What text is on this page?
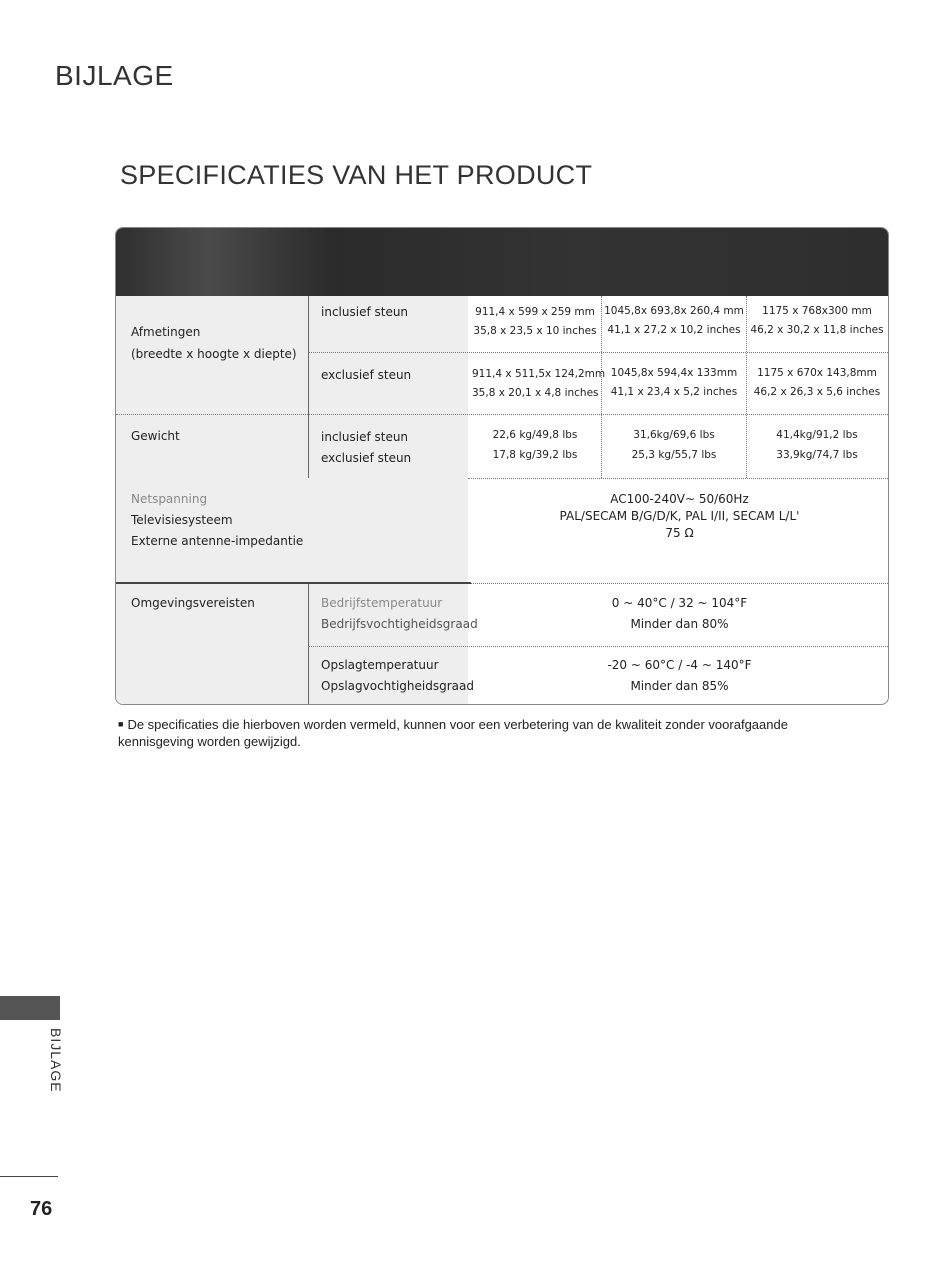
BIJLAGE
SPECIFICATIES VAN HET PRODUCT
Afmetingen
(breedte x hoogte x diepte)
inclusief steun
exclusief steun
911,4 x 599 x 259 mm
35,8 x 23,5 x 10 inches
1045,8x 693,8x 260,4 mm
41,1 x 27,2 x 10,2 inches
1175 x 768x300 mm
46,2 x 30,2 x 11,8 inches
911,4 x 511,5x 124,2mm
35,8 x 20,1 x 4,8 inches
1045,8x 594,4x 133mm
41,1 x 23,4 x 5,2 inches
1175 x 670x 143,8mm
46,2 x 26,3 x 5,6 inches
Gewicht	inclusief steun
exclusief steun
22,6 kg/49,8 lbs
17,8 kg/39,2 lbs
31,6kg/69,6 lbs
25,3 kg/55,7 lbs
41,4kg/91,2 lbs
33,9kg/74,7 lbs
Netspanning
Televisiesysteem
Externe antenne-impedantie
AC100-240V~ 50/60Hz
PAL/SECAM B/G/D/K, PAL I/II, SECAM L/L'
75 Ω
Omgevingsvereisten	Bedrijfstemperatuur
Bedrijfsvochtigheidsgraad
0 ~ 40°C / 32 ~ 104°F
Minder dan 80%
Opslagtemperatuur
Opslagvochtigheidsgraad
-20 ~ 60°C / -4 ~ 140°F
Minder dan 85%
■ De specificaties die hierboven worden vermeld, kunnen voor een verbetering van de kwaliteit zonder voorafgaande kennisgeving worden gewijzigd.
BIJLAGE
76
